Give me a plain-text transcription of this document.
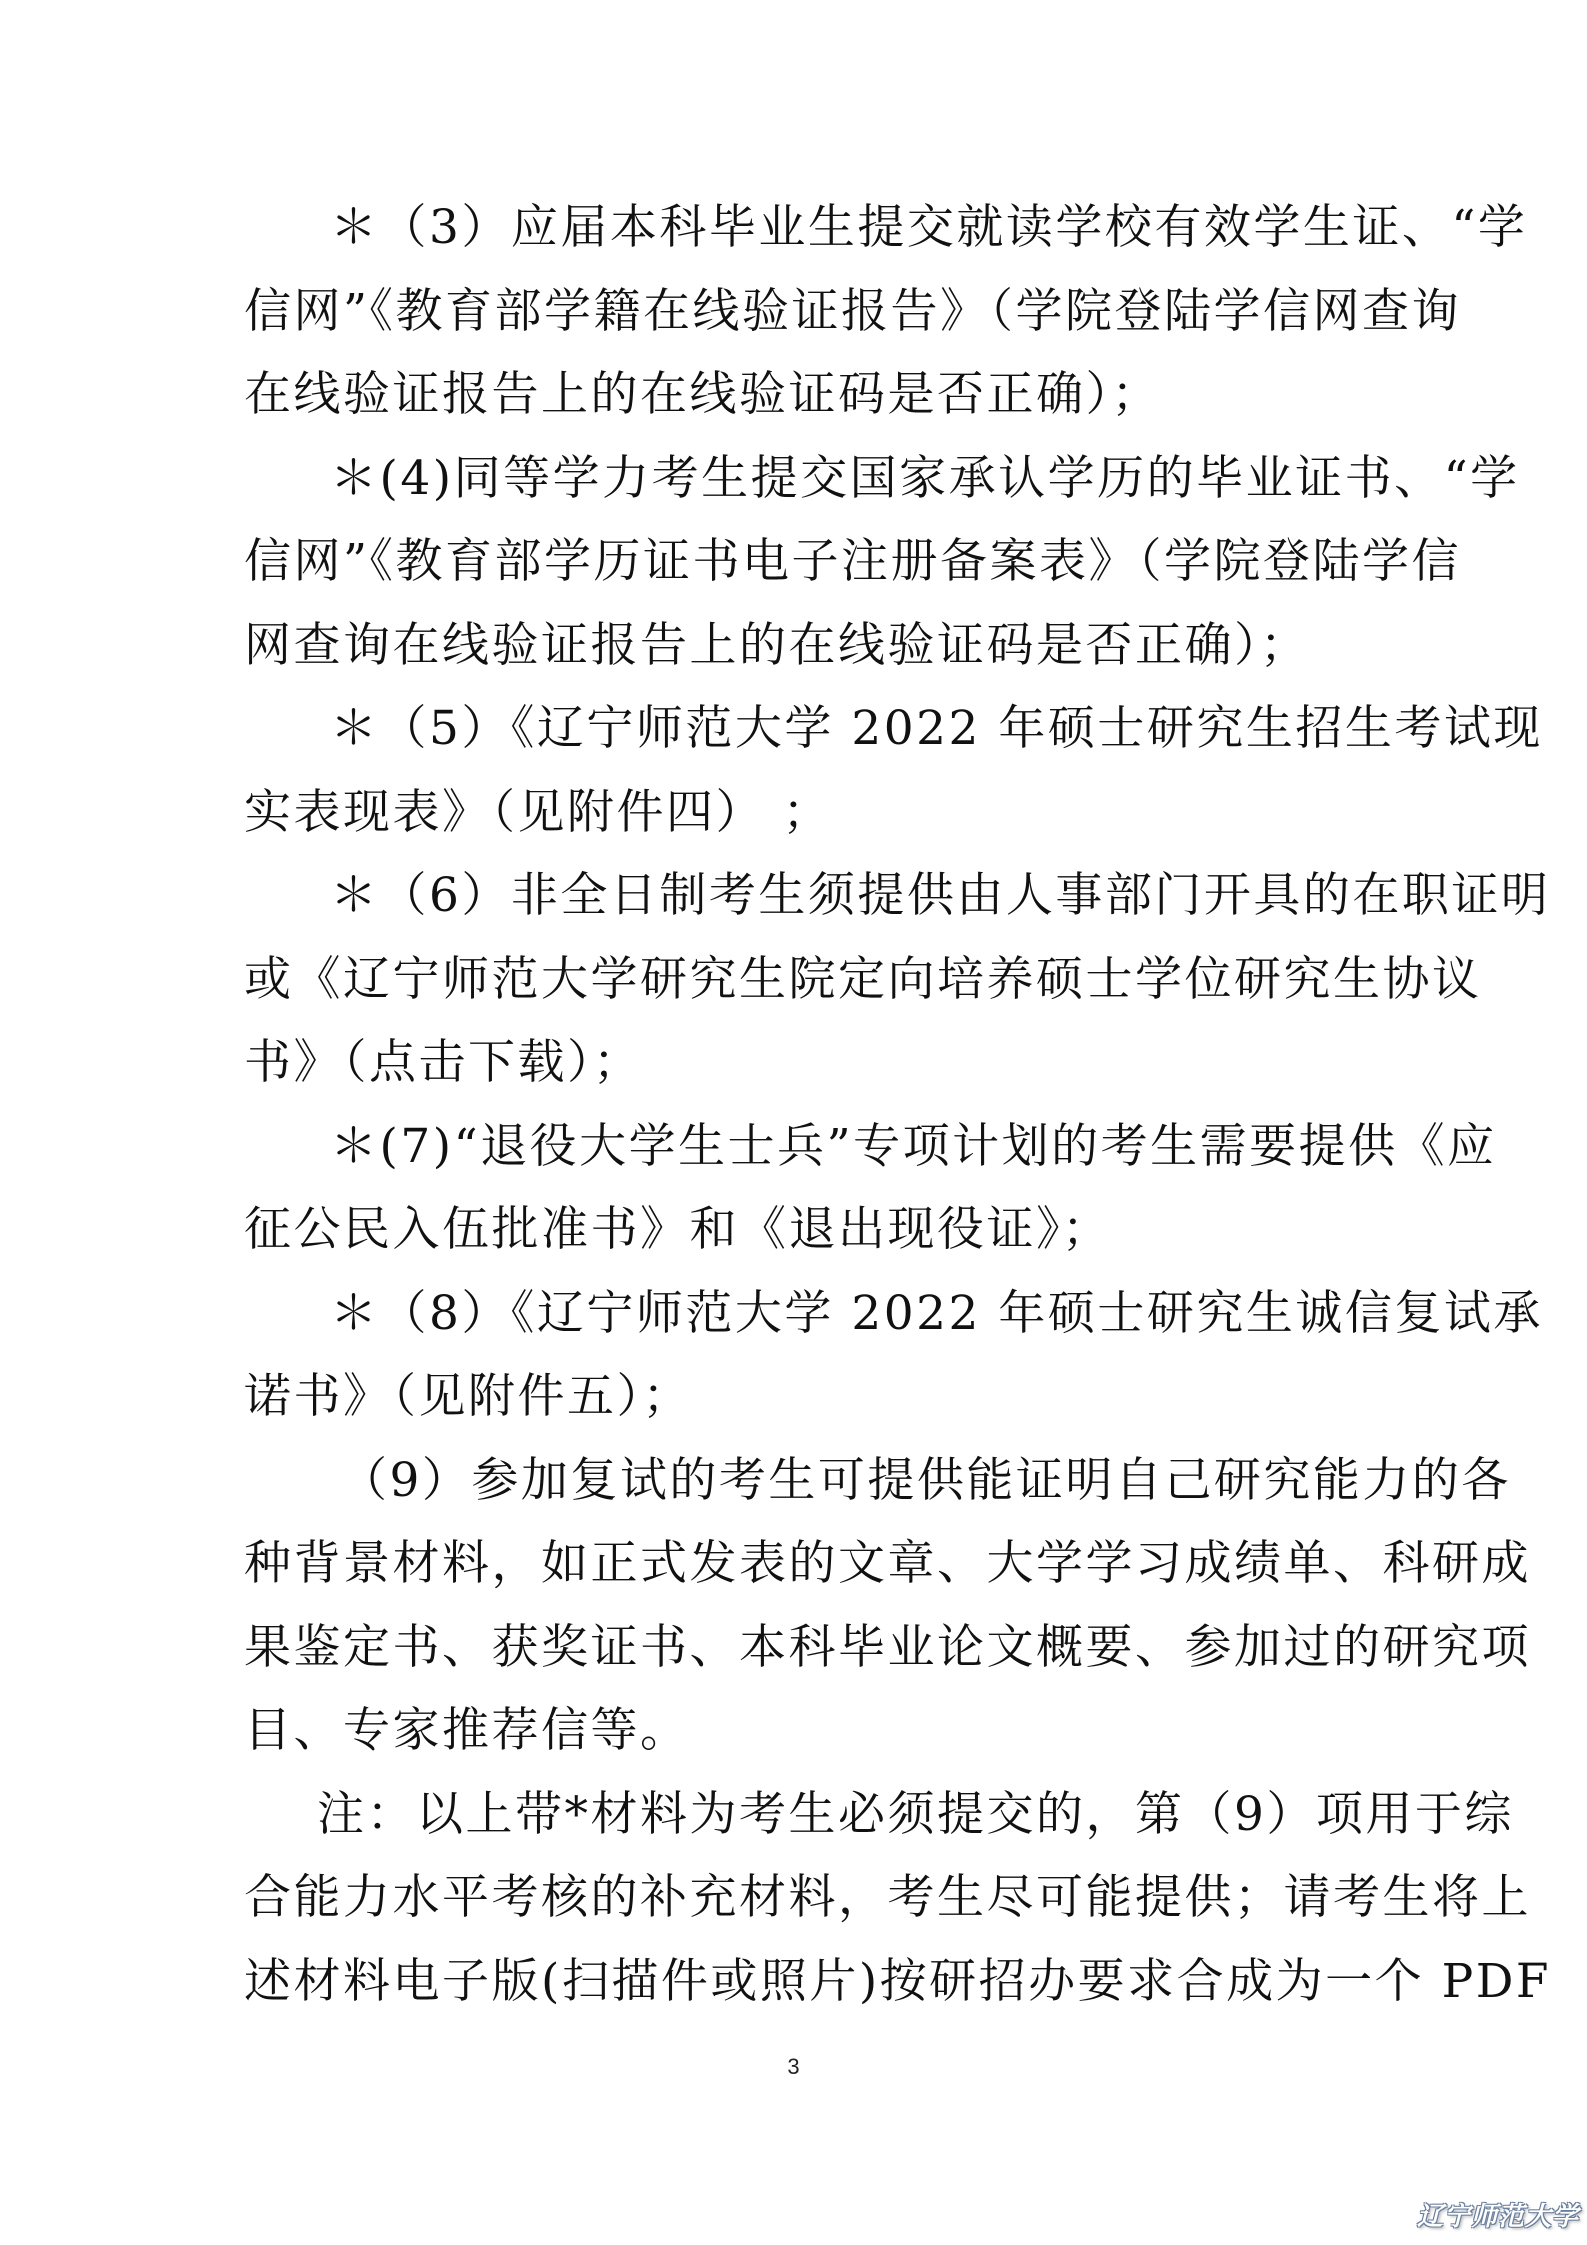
＊（3）应届本科毕业生提交就读学校有效学生证、“学
信网”《教育部学籍在线验证报告》（学院登陆学信网查询
在线验证报告上的在线验证码是否正确）；
＊(4)同等学力考生提交国家承认学历的毕业证书、“学
信网”《教育部学历证书电子注册备案表》（学院登陆学信
网查询在线验证报告上的在线验证码是否正确）；
＊（5）《辽宁师范大学 2022 年硕士研究生招生考试现
实表现表》（见附件四） ；
＊（6）非全日制考生须提供由人事部门开具的在职证明
或《辽宁师范大学研究生院定向培养硕士学位研究生协议
书》（点击下载）；
＊(7)“退役大学生士兵”专项计划的考生需要提供《应
征公民入伍批准书》和《退出现役证》；
＊（8）《辽宁师范大学 2022 年硕士研究生诚信复试承
诺书》（见附件五）；
（9）参加复试的考生可提供能证明自己研究能力的各
种背景材料，如正式发表的文章、大学学习成绩单、科研成
果鉴定书、获奖证书、本科毕业论文概要、参加过的研究项
目、专家推荐信等。
注：以上带*材料为考生必须提交的，第（9）项用于综
合能力水平考核的补充材料，考生尽可能提供；请考生将上
述材料电子版(扫描件或照片)按研招办要求合成为一个 PDF
3
辽宁师范大学
